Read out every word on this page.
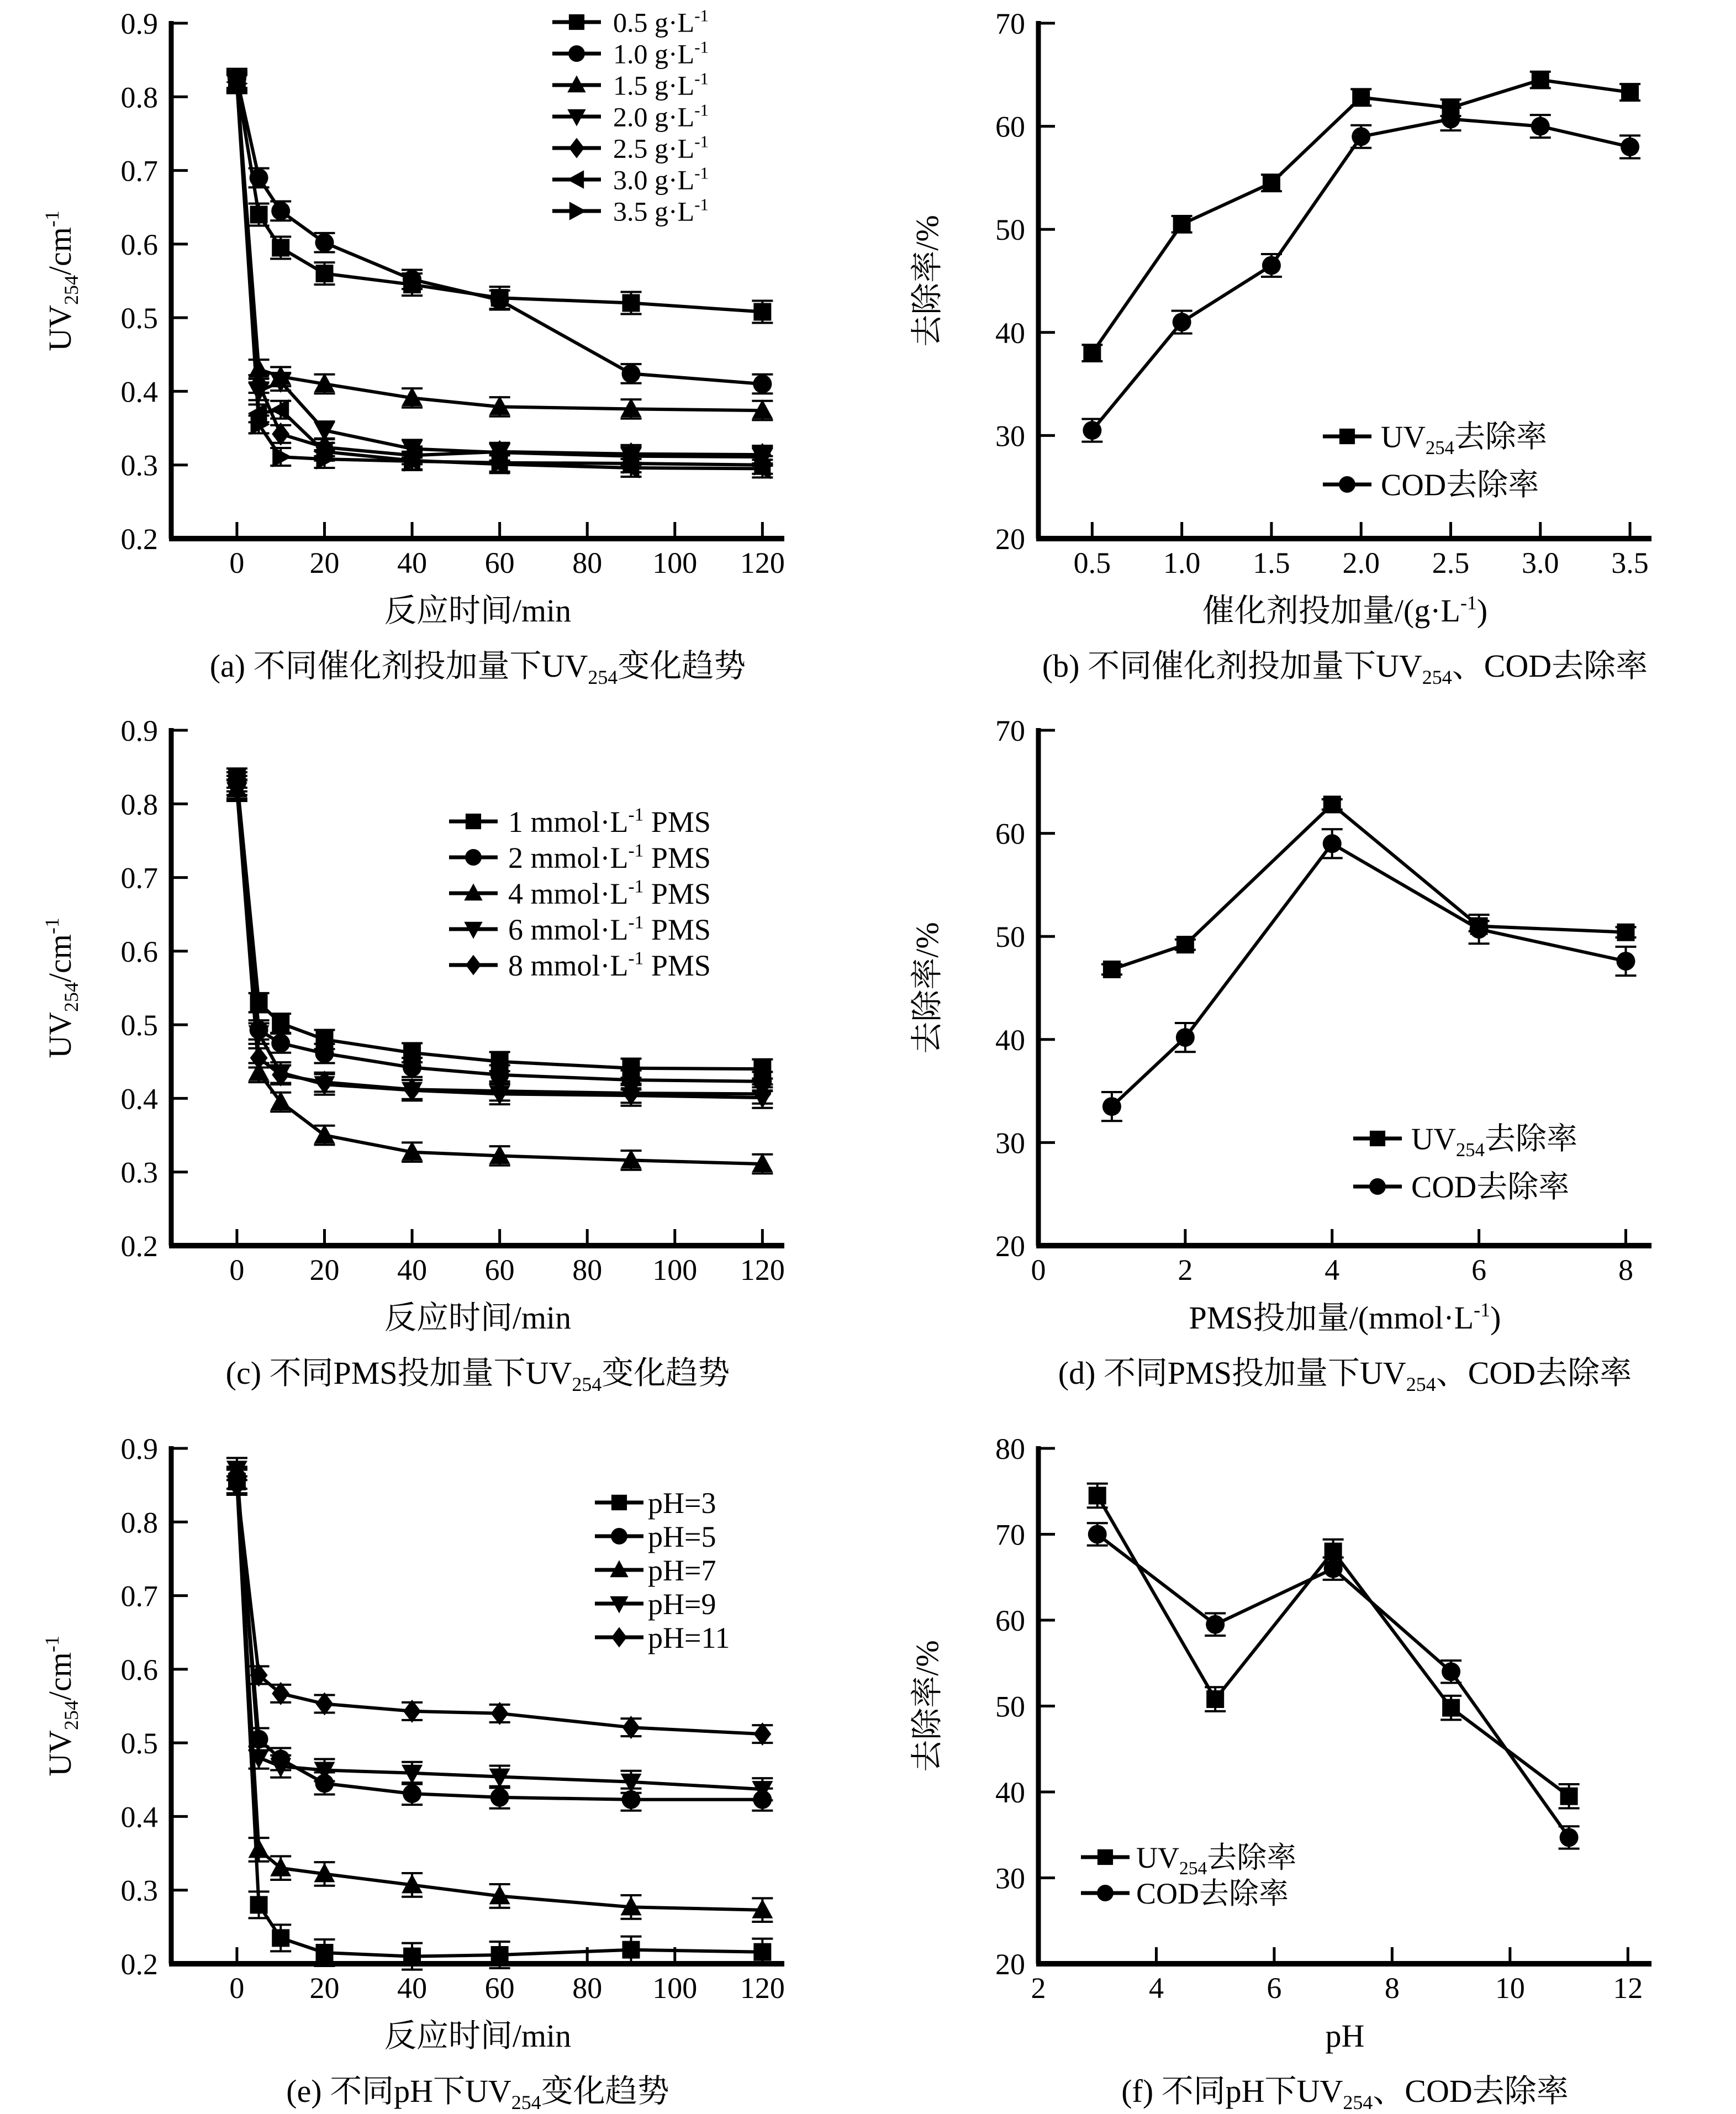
0.2
0.3
0.4
0.5
0.6
0.7
0.8
0.9
0 20 40 60 80 100 120
$UV_{254}/cm^{-1}$
反应时间/min
(a) 不同催化剂投加量下$UV_{254}$变化趋势
0.5 $g\cdot L^{-1}$
1.0 $g\cdot L^{-1}$
1.5 $g\cdot L^{-1}$
2.0 $g\cdot L^{-1}$
2.5 $g\cdot L^{-1}$
3.0 $g\cdot L^{-1}$
3.5 $g\cdot L^{-1}$
20
30
40
50
60
70
0.5 1.0 1.5 2.0 2.5 3.0 3.5
去除率/%
催化剂投加量$/(g\cdot L^{-1})$
(b) 不同催化剂投加量下$UV_{254}$、COD去除率
$UV_{254}$去除率
COD去除率
0.2
0.3
0.4
0.5
0.6
0.7
0.8
0.9
0 20 40 60 80 100 120
$UV_{254}/cm^{-1}$
反应时间/min
(c) 不同PMS投加量下$UV_{254}$变化趋势
1 $mmol\cdot L^{-1}$ PMS
2 $mmol\cdot L^{-1}$ PMS
4 $mmol\cdot L^{-1}$ PMS
6 $mmol\cdot L^{-1}$ PMS
8 $mmol\cdot L^{-1}$ PMS
20
30
40
50
60
70
0	2	4	6	8
去除率/%
PMS投加量$/(mmol\cdot L^{-1})$
(d) 不同PMS投加量下$UV_{254}$、COD去除率
$UV_{254}$去除率
COD去除率
0.2
0.3
0.4
0.5
0.6
0.7
0.8
0.9
0 20 40 60 80 100 120
$UV_{254}/cm^{-1}$
反应时间/min
(e) 不同pH下$UV_{254}$变化趋势
pH=3
pH=5
pH=7
pH=9
pH=11
20
30
40
50
60
70
80
2	4	6	8	10	12
去除率/%
pH
(f) 不同pH下$UV_{254}$、COD去除率
$UV_{254}$去除率
COD去除率
